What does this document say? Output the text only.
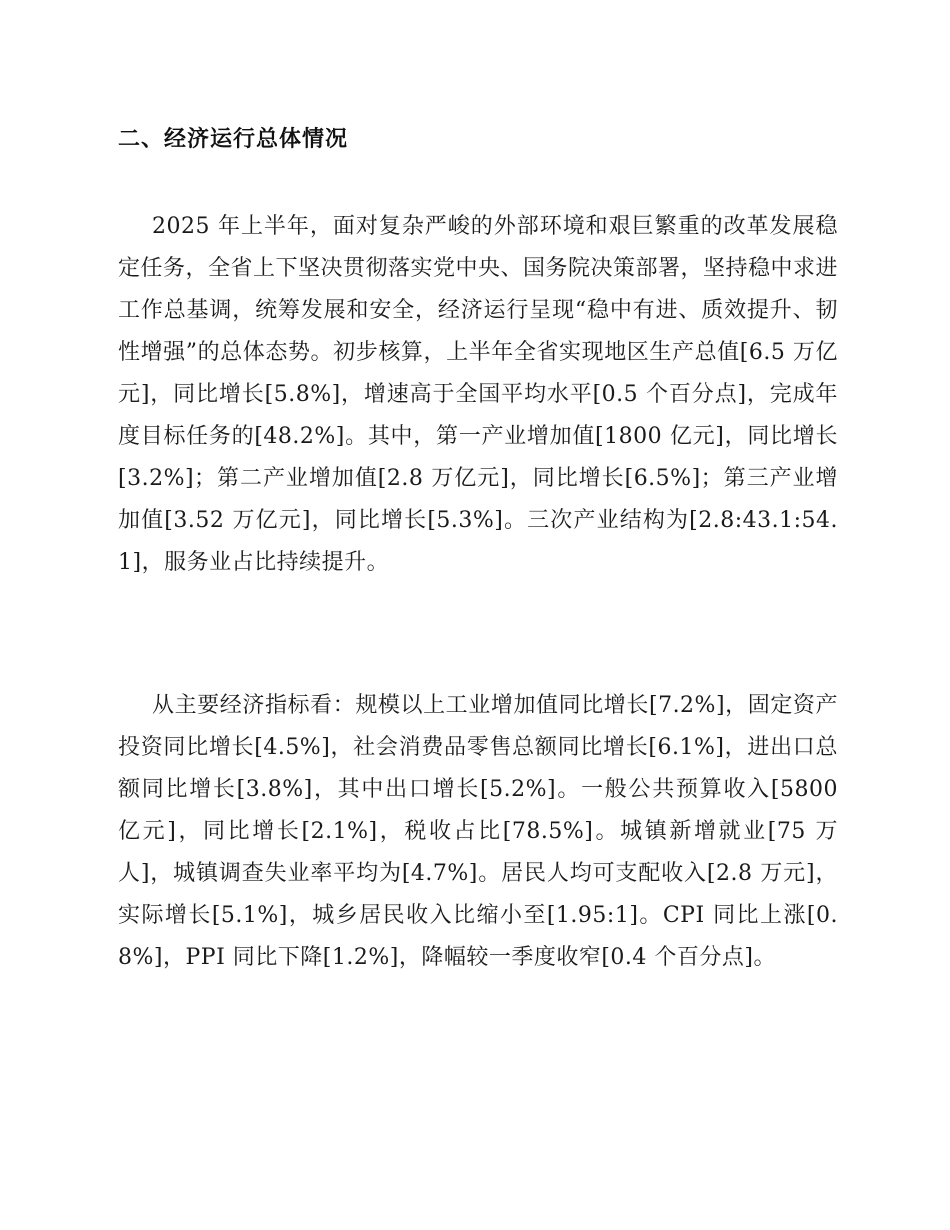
二、经济运行总体情况

2025 年上半年，面对复杂严峻的外部环境和艰巨繁重的改革发展稳定任务，全省上下坚决贯彻落实党中央、国务院决策部署，坚持稳中求进工作总基调，统筹发展和安全，经济运行呈现“稳中有进、质效提升、韧性增强”的总体态势。初步核算，上半年全省实现地区生产总值[6.5 万亿元]，同比增长[5.8%]，增速高于全国平均水平[0.5 个百分点]，完成年度目标任务的[48.2%]。其中，第一产业增加值[1800 亿元]，同比增长[3.2%]；第二产业增加值[2.8 万亿元]，同比增长[6.5%]；第三产业增加值[3.52 万亿元]，同比增长[5.3%]。三次产业结构为[2.8:43.1:54.1]，服务业占比持续提升。

从主要经济指标看：规模以上工业增加值同比增长[7.2%]，固定资产投资同比增长[4.5%]，社会消费品零售总额同比增长[6.1%]，进出口总额同比增长[3.8%]，其中出口增长[5.2%]。一般公共预算收入[5800 亿元]，同比增长[2.1%]，税收占比[78.5%]。城镇新增就业[75 万人]，城镇调查失业率平均为[4.7%]。居民人均可支配收入[2.8 万元]，实际增长[5.1%]，城乡居民收入比缩小至[1.95:1]。CPI 同比上涨[0.8%]，PPI 同比下降[1.2%]，降幅较一季度收窄[0.4 个百分点]。
